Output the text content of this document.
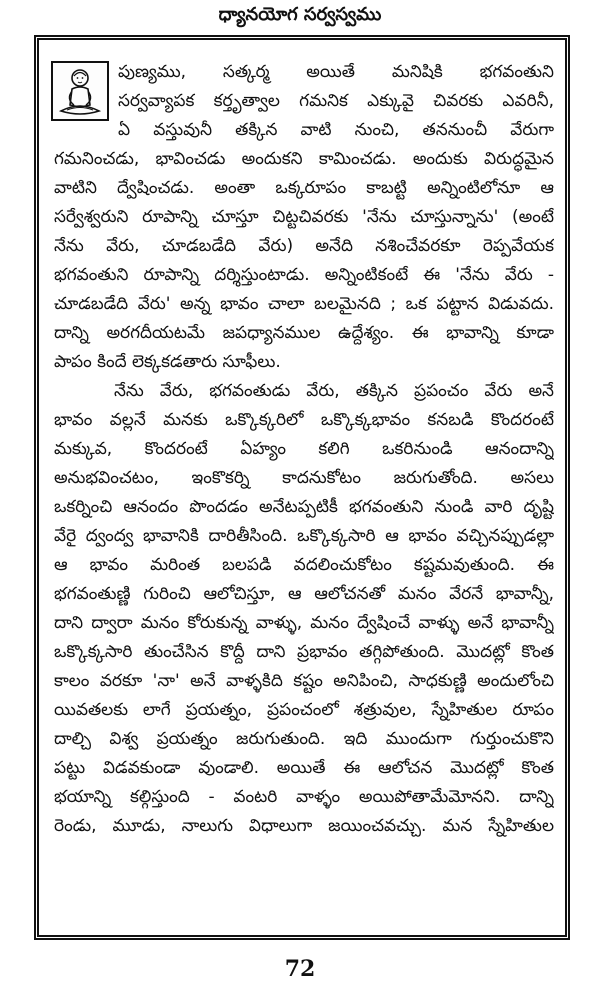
ధ్యానయోగ సర్వస్వము
పుణ్యము, సత్కర్మ అయితే మనిషికి భగవంతుని
సర్వవ్యాపక కర్తృత్వాల గమనిక ఎక్కువై చివరకు ఎవరినీ,
ఏ వస్తువునీ తక్కిన వాటి నుంచి, తననుంచీ వేరుగా
గమనించడు, భావించడు అందుకని కామించడు. అందుకు విరుద్ధమైన
వాటిని ద్వేషించడు. అంతా ఒక్కరూపం కాబట్టి అన్నింటిలోనూ ఆ
సర్వేశ్వరుని రూపాన్ని చూస్తూ చిట్టచివరకు 'నేను చూస్తున్నాను' (అంటే
నేను వేరు, చూడబడేది వేరు) అనేది నశించేవరకూ రెప్పవేయక
భగవంతుని రూపాన్ని దర్శిస్తుంటాడు. అన్నింటికంటే ఈ 'నేను వేరు -
చూడబడేది వేరు' అన్న భావం చాలా బలమైనది ; ఒక పట్టాన విడువదు.
దాన్ని అరగదీయటమే జపధ్యానముల ఉద్దేశ్యం. ఈ భావాన్ని కూడా
పాపం కిందే లెక్కకడతారు సూఫీలు.
నేను వేరు, భగవంతుడు వేరు, తక్కిన ప్రపంచం వేరు అనే
భావం వల్లనే మనకు ఒక్కొక్కరిలో ఒక్కొక్కభావం కనబడి కొందరంటే
మక్కువ, కొందరంటే ఏహ్యం కలిగి ఒకరినుండి ఆనందాన్ని
అనుభవించటం, ఇంకొకర్ని కాదనుకోటం జరుగుతోంది. అసలు
ఒకర్నించి ఆనందం పొందడం అనేటప్పటికీ భగవంతుని నుండి వారి దృష్టి
వేరై ద్వంద్వ భావానికి దారితీసింది. ఒక్కొక్కసారి ఆ భావం వచ్చినప్పుడల్లా
ఆ భావం మరింత బలపడి వదలించుకోటం కష్టమవుతుంది. ఈ
భగవంతుణ్ణి గురించి ఆలోచిస్తూ, ఆ ఆలోచనతో మనం వేరనే భావాన్నీ,
దాని ద్వారా మనం కోరుకున్న వాళ్ళు, మనం ద్వేషించే వాళ్ళు అనే భావాన్నీ
ఒక్కొక్కసారి తుంచేసిన కొద్దీ దాని ప్రభావం తగ్గిపోతుంది. మొదట్లో కొంత
కాలం వరకూ 'నా' అనే వాళ్ళకిది కష్టం అనిపించి, సాధకుణ్ణి అందులోంచి
యివతలకు లాగే ప్రయత్నం, ప్రపంచంలో శత్రువుల, స్నేహితుల రూపం
దాల్చి విశ్వ ప్రయత్నం జరుగుతుంది. ఇది ముందుగా గుర్తుంచుకొని
పట్టు విడవకుండా వుండాలి. అయితే ఈ ఆలోచన మొదట్లో కొంత
భయాన్ని కల్గిస్తుంది - వంటరి వాళ్ళం అయిపోతామేమోనని. దాన్ని
రెండు, మూడు, నాలుగు విధాలుగా జయించవచ్చు. మన స్నేహితుల
72
